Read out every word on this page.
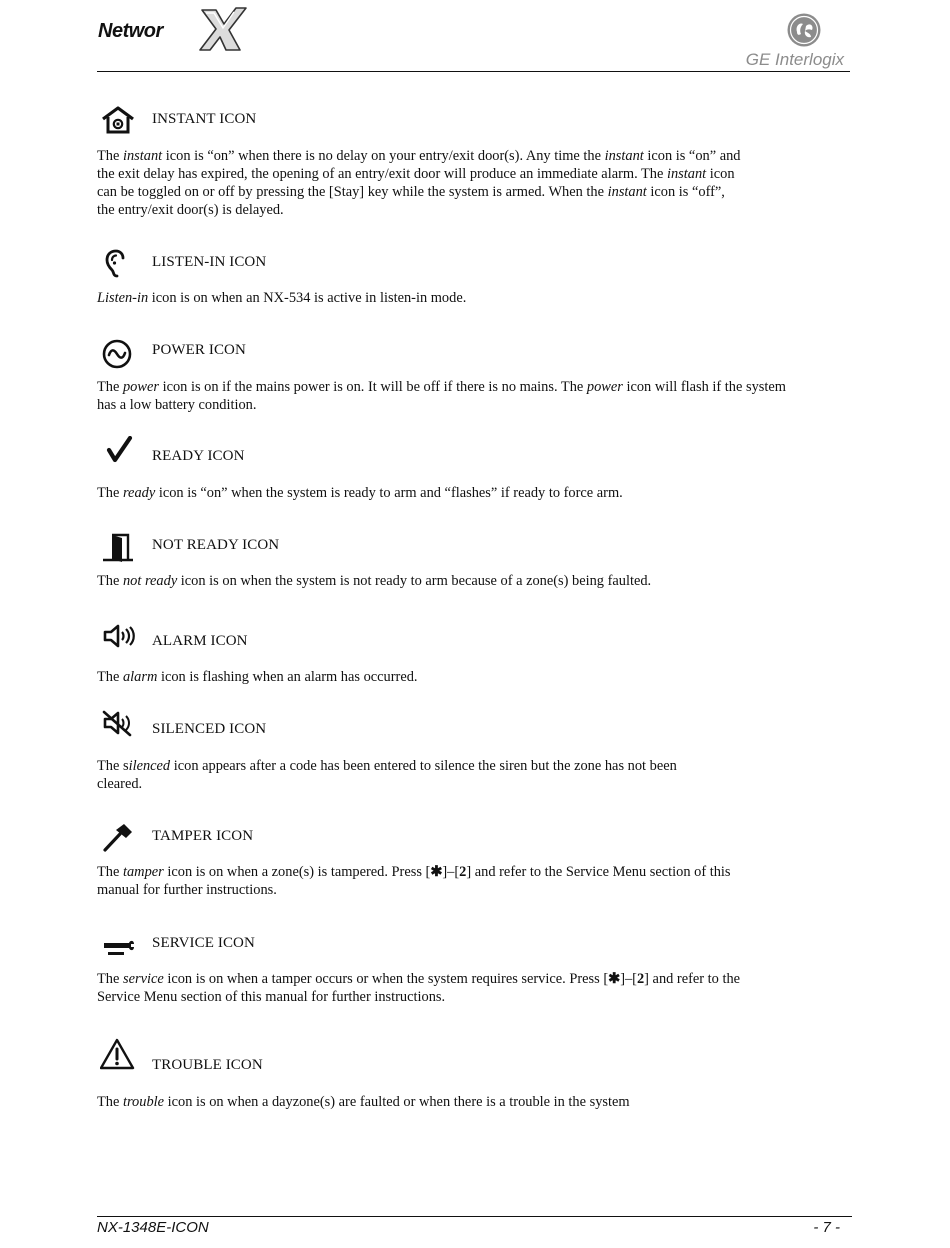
Networ
GE Interlogix
INSTANT ICON

The instant icon is “on” when there is no delay on your entry/exit door(s). Any time the instant icon is “on” and

the exit delay has expired, the opening of an entry/exit door will produce an immediate alarm. The instant icon

can be toggled on or off by pressing the [Stay] key while the system is armed. When the instant icon is “off”,

the entry/exit door(s) is delayed.

LISTEN-IN ICON

Listen-in icon is on when an NX-534 is active in listen-in mode.

POWER ICON

The power icon is on if the mains power is on. It will be off if there is no mains. The power icon will flash if the system

has a low battery condition.

READY ICON

The ready icon is “on” when the system is ready to arm and “flashes” if ready to force arm.

NOT READY ICON

The not ready icon is on when the system is not ready to arm because of a zone(s) being faulted.

ALARM ICON

The alarm icon is flashing when an alarm has occurred.

SILENCED ICON

The silenced icon appears after a code has been entered to silence the siren but the zone has not been

cleared.

TAMPER ICON

The tamper icon is on when a zone(s) is tampered. Press [✱]–[2] and refer to the Service Menu section of this

manual for further instructions.

SERVICE ICON

The service icon is on when a tamper occurs or when the system requires service. Press [✱]–[2] and refer to the

Service Menu section of this manual for further instructions.

TROUBLE ICON

The trouble icon is on when a dayzone(s) are faulted or when there is a trouble in the system

NX-1348E-ICON	- 7 -
